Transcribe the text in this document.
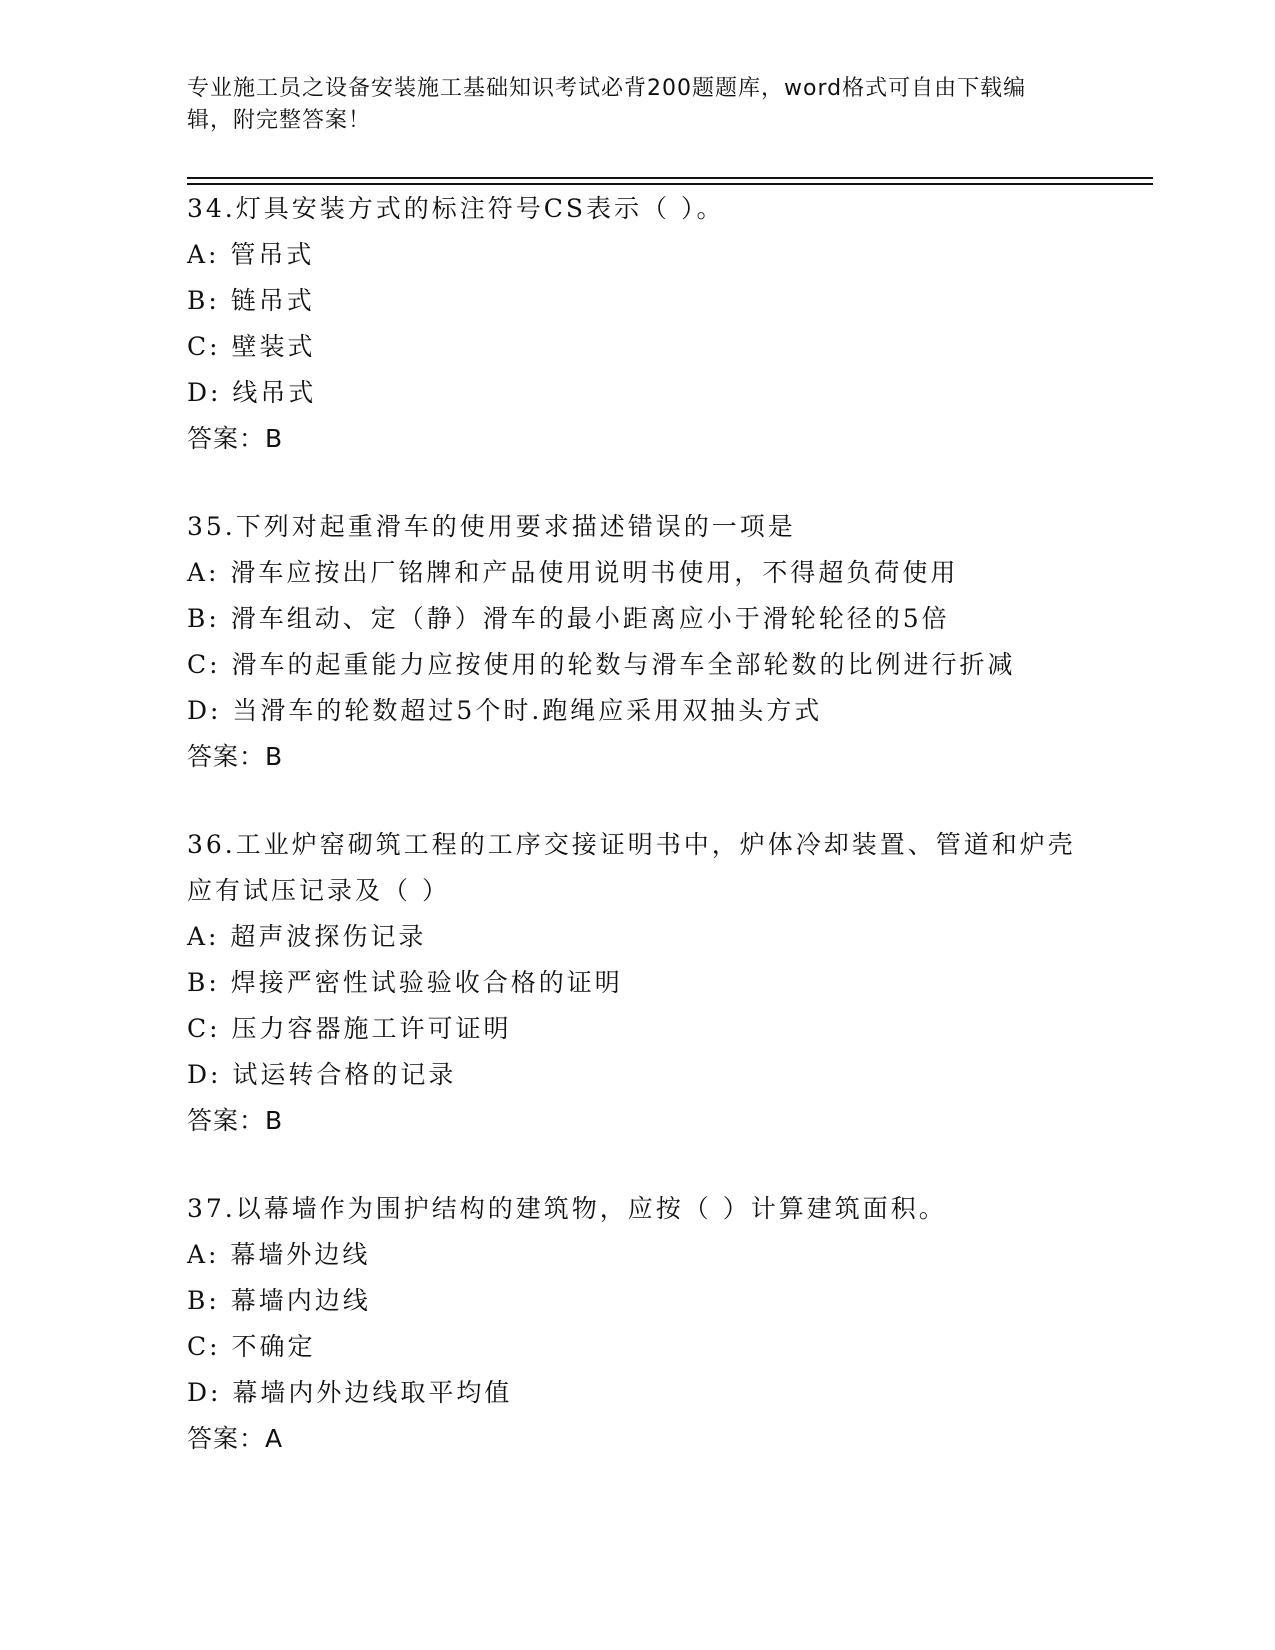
专业施工员之设备安装施工基础知识考试必背200题题库，word格式可自由下载编辑，附完整答案！
34.灯具安装方式的标注符号CS表示（ ）。
A: 管吊式
B: 链吊式
C: 壁装式
D: 线吊式
答案：B
35.下列对起重滑车的使用要求描述错误的一项是
A: 滑车应按出厂铭牌和产品使用说明书使用，不得超负荷使用
B: 滑车组动、定（静）滑车的最小距离应小于滑轮轮径的5倍
C: 滑车的起重能力应按使用的轮数与滑车全部轮数的比例进行折减
D: 当滑车的轮数超过5个时.跑绳应采用双抽头方式
答案：B
36.工业炉窑砌筑工程的工序交接证明书中，炉体冷却装置、管道和炉壳应有试压记录及（ ）
A: 超声波探伤记录
B: 焊接严密性试验验收合格的证明
C: 压力容器施工许可证明
D: 试运转合格的记录
答案：B
37.以幕墙作为围护结构的建筑物，应按（ ）计算建筑面积。
A: 幕墙外边线
B: 幕墙内边线
C: 不确定
D: 幕墙内外边线取平均值
答案：A
